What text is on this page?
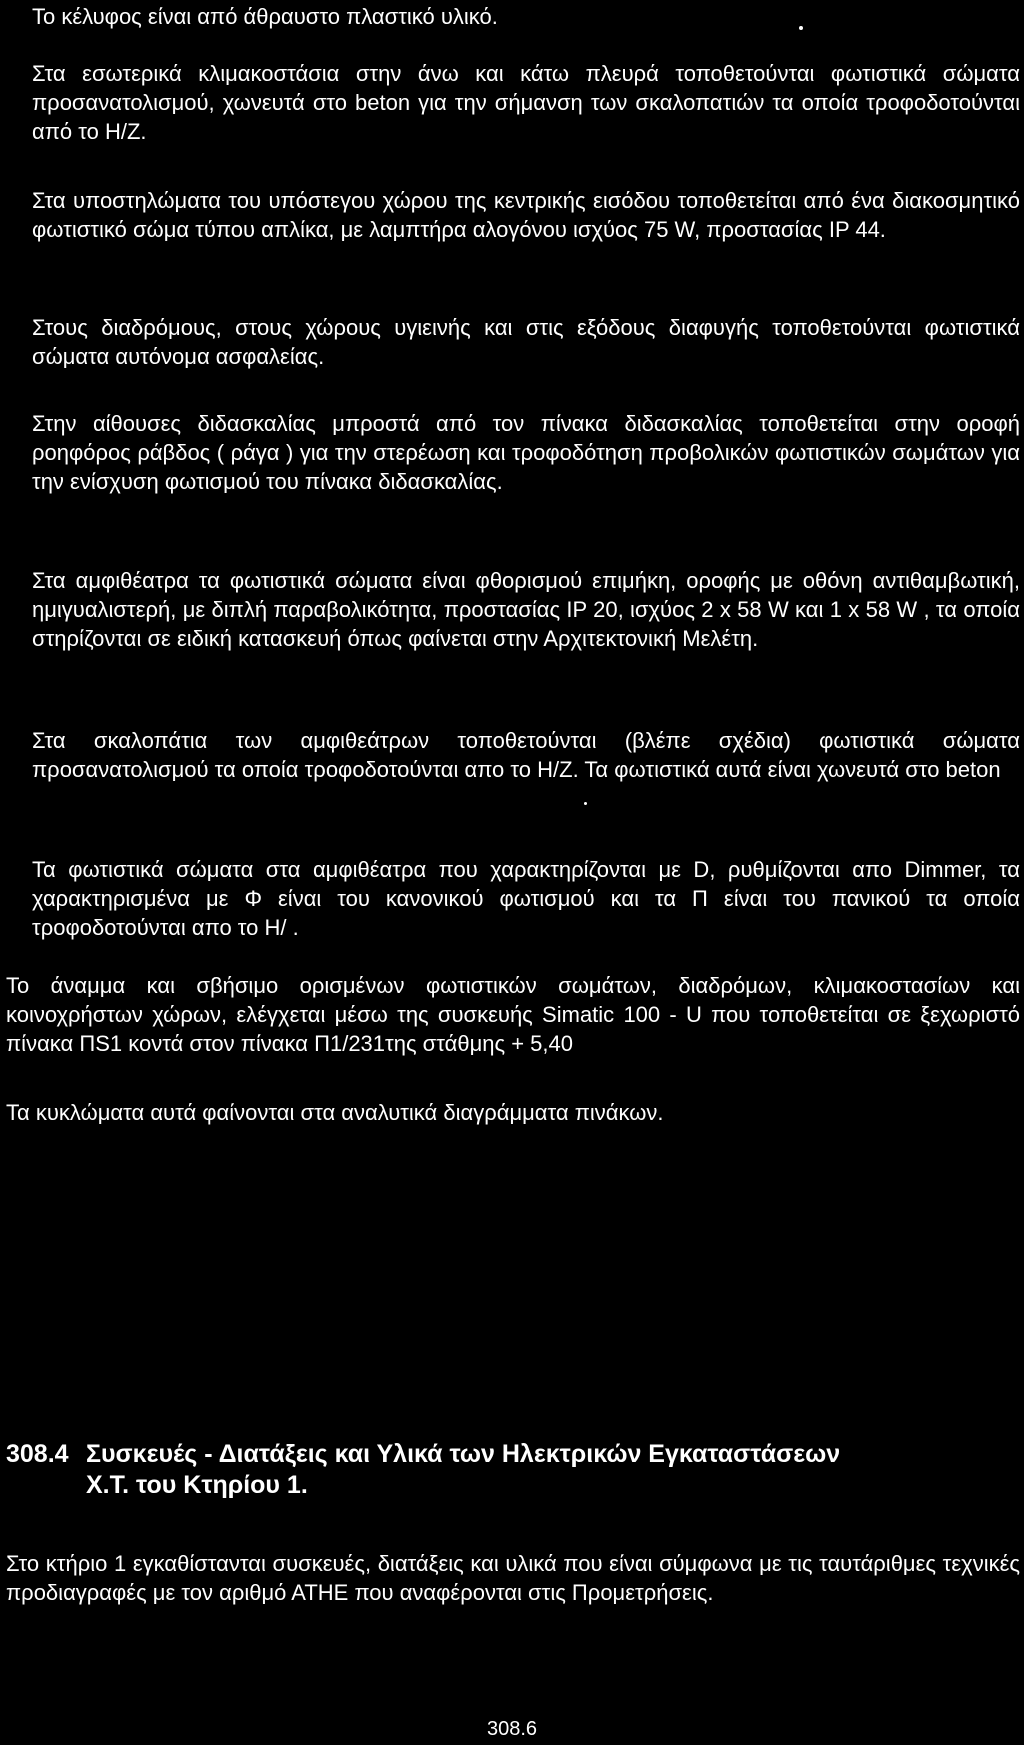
Το κέλυφος είναι από άθραυστο πλαστικό υλικό.

Στα εσωτερικά κλιμακοστάσια στην άνω και κάτω πλευρά τοποθετούνται φωτιστικά σώματα προσανατολισμού, χωνευτά στο beton για την σήμανση των σκαλοπατιών τα οποία τροφοδοτούνται από το Η/Ζ.

Στα υποστηλώματα του υπόστεγου χώρου της κεντρικής εισόδου τοποθετείται από ένα διακοσμητικό φωτιστικό σώμα τύπου απλίκα, με λαμπτήρα αλογόνου ισχύος 75 W, προστασίας IP 44.

Στους διαδρόμους, στους χώρους υγιεινής και στις εξόδους διαφυγής τοποθετούνται φωτιστικά σώματα αυτόνομα ασφαλείας.

Στην αίθουσες διδασκαλίας μπροστά από τον πίνακα διδασκαλίας τοποθετείται στην οροφή ροηφόρος ράβδος ( ράγα ) για την στερέωση και τροφοδότηση προβολικών φωτιστικών σωμάτων για την ενίσχυση φωτισμού του πίνακα διδασκαλίας.

Στα αμφιθέατρα τα φωτιστικά σώματα είναι φθορισμού επιμήκη, οροφής με οθόνη αντιθαμβωτική, ημιγυαλιστερή, με διπλή παραβολικότητα, προστασίας IP 20, ισχύος 2 x 58 W και 1 x 58 W , τα οποία στηρίζονται σε ειδική κατασκευή όπως φαίνεται στην Αρχιτεκτονική Μελέτη.

Στα σκαλοπάτια των αμφιθεάτρων τοποθετούνται (βλέπε σχέδια) φωτιστικά σώματα προσανατολισμού τα οποία τροφοδοτούνται απο το Η/Ζ. Τα φωτιστικά αυτά είναι χωνευτά στο beton

Τα φωτιστικά σώματα στα αμφιθέατρα που χαρακτηρίζονται με D, ρυθμίζονται απο Dimmer, τα χαρακτηρισμένα με Φ είναι του κανονικού φωτισμού και τα Π είναι του πανικού τα οποία τροφοδοτούνται απο το Η/ .

Το άναμμα και σβήσιμο ορισμένων φωτιστικών σωμάτων, διαδρόμων, κλιμακοστασίων και κοινοχρήστων χώρων, ελέγχεται μέσω της συσκευής Simatic 100 - U που τοποθετείται σε ξεχωριστό πίνακα ΠS1 κοντά στον πίνακα Π1/231της στάθμης + 5,40

Τα κυκλώματα αυτά φαίνονται στα αναλυτικά διαγράμματα πινάκων.

308.4 Συσκευές - Διατάξεις και Υλικά των Ηλεκτρικών Εγκαταστάσεων
Χ.Τ. του Κτηρίου 1.

Στο κτήριο 1 εγκαθίστανται συσκευές, διατάξεις και υλικά που είναι σύμφωνα με τις ταυτάριθμες τεχνικές προδιαγραφές με τον αριθμό ΑΤΗΕ που αναφέρονται στις Προμετρήσεις.

308.6
